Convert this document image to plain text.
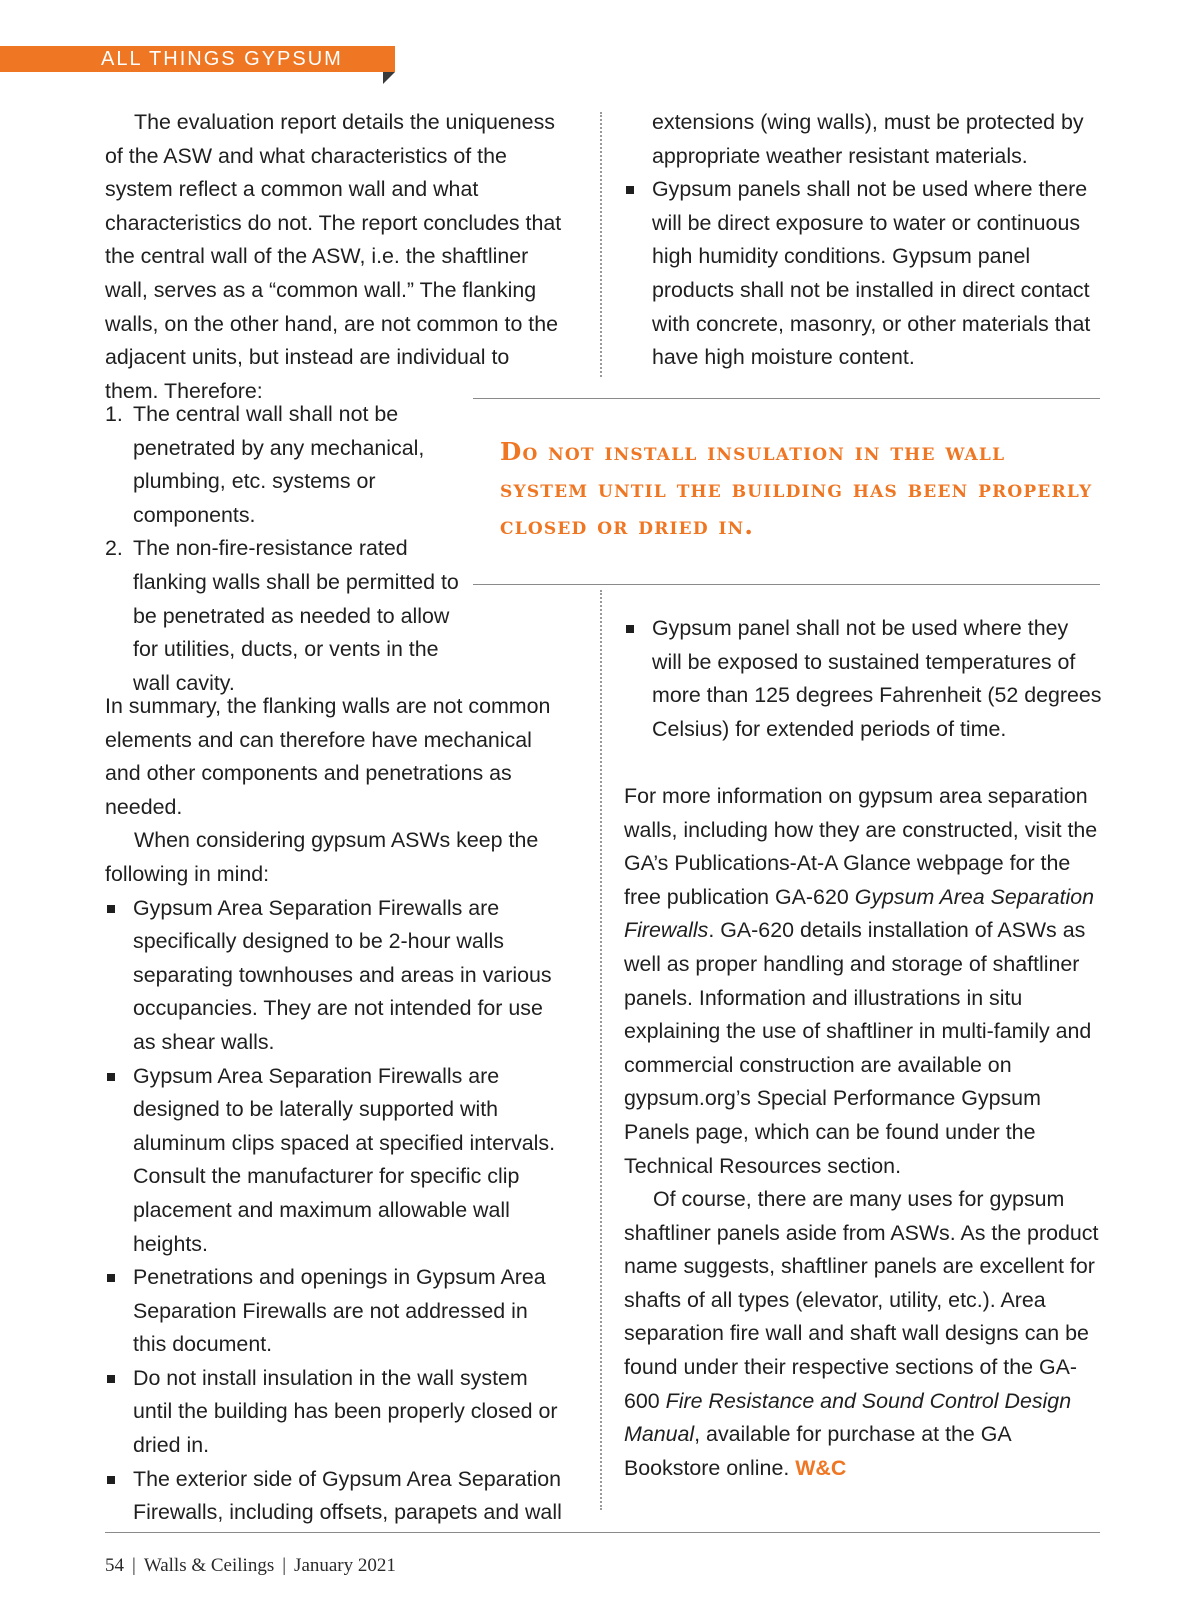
ALL THINGS GYPSUM

The evaluation report details the uniqueness of the ASW and what characteristics of the system reflect a common wall and what characteristics do not. The report concludes that the central wall of the ASW, i.e. the shaftliner wall, serves as a “common wall.” The flanking walls, on the other hand, are not common to the adjacent units, but instead are individual to them. Therefore:

1. The central wall shall not be penetrated by any mechanical, plumbing, etc. systems or components.
2. The non-fire-resistance rated flanking walls shall be permitted to be penetrated as needed to allow for utilities, ducts, or vents in the wall cavity.

In summary, the flanking walls are not common elements and can therefore have mechanical and other components and penetrations as needed.

When considering gypsum ASWs keep the following in mind:

Gypsum Area Separation Firewalls are specifically designed to be 2-hour walls separating townhouses and areas in various occupancies. They are not intended for use as shear walls.
Gypsum Area Separation Firewalls are designed to be laterally supported with aluminum clips spaced at specified intervals. Consult the manufacturer for specific clip placement and maximum allowable wall heights.
Penetrations and openings in Gypsum Area Separation Firewalls are not addressed in this document.
Do not install insulation in the wall system until the building has been properly closed or dried in.
The exterior side of Gypsum Area Separation Firewalls, including offsets, parapets and wall

extensions (wing walls), must be protected by appropriate weather resistant materials.

Gypsum panels shall not be used where there will be direct exposure to water or continuous high humidity conditions. Gypsum panel products shall not be installed in direct contact with concrete, masonry, or other materials that have high moisture content.
Do not install insulation in the wall system until the building has been properly closed or dried in.
Gypsum panel shall not be used where they will be exposed to sustained temperatures of more than 125 degrees Fahrenheit (52 degrees Celsius) for extended periods of time.

For more information on gypsum area separation walls, including how they are constructed, visit the GA’s Publications-At-A Glance webpage for the free publication GA-620 Gypsum Area Separation Firewalls. GA-620 details installation of ASWs as well as proper handling and storage of shaftliner panels. Information and illustrations in situ explaining the use of shaftliner in multi-family and commercial construction are available on gypsum.org’s Special Performance Gypsum Panels page, which can be found under the Technical Resources section.

Of course, there are many uses for gypsum shaftliner panels aside from ASWs. As the product name suggests, shaftliner panels are excellent for shafts of all types (elevator, utility, etc.). Area separation fire wall and shaft wall designs can be found under their respective sections of the GA-600 Fire Resistance and Sound Control Design Manual, available for purchase at the GA Bookstore online. W&C

54 | Walls & Ceilings | January 2021
